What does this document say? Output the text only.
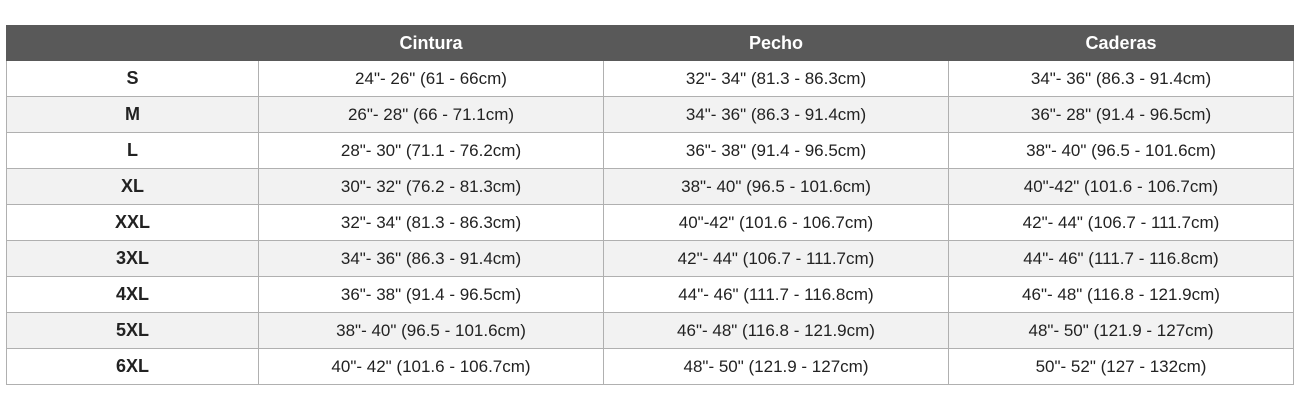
	Cintura	Pecho	Caderas
S	24"- 26" (61 - 66cm)	32"- 34" (81.3 - 86.3cm)	34"- 36" (86.3 - 91.4cm)
M	26"- 28" (66 - 71.1cm)	34"- 36" (86.3 - 91.4cm)	36"- 28" (91.4 - 96.5cm)
L	28"- 30" (71.1 - 76.2cm)	36"- 38" (91.4 - 96.5cm)	38"- 40" (96.5 - 101.6cm)
XL	30"- 32" (76.2 - 81.3cm)	38"- 40" (96.5 - 101.6cm)	40"-42" (101.6 - 106.7cm)
XXL	32"- 34" (81.3 - 86.3cm)	40"-42" (101.6 - 106.7cm)	42"- 44" (106.7 - 111.7cm)
3XL	34"- 36" (86.3 - 91.4cm)	42"- 44" (106.7 - 111.7cm)	44"- 46" (111.7 - 116.8cm)
4XL	36"- 38" (91.4 - 96.5cm)	44"- 46" (111.7 - 116.8cm)	46"- 48" (116.8 - 121.9cm)
5XL	38"- 40" (96.5 - 101.6cm)	46"- 48" (116.8 - 121.9cm)	48"- 50" (121.9 - 127cm)
6XL	40"- 42" (101.6 - 106.7cm)	48"- 50" (121.9 - 127cm)	50"- 52" (127 - 132cm)
